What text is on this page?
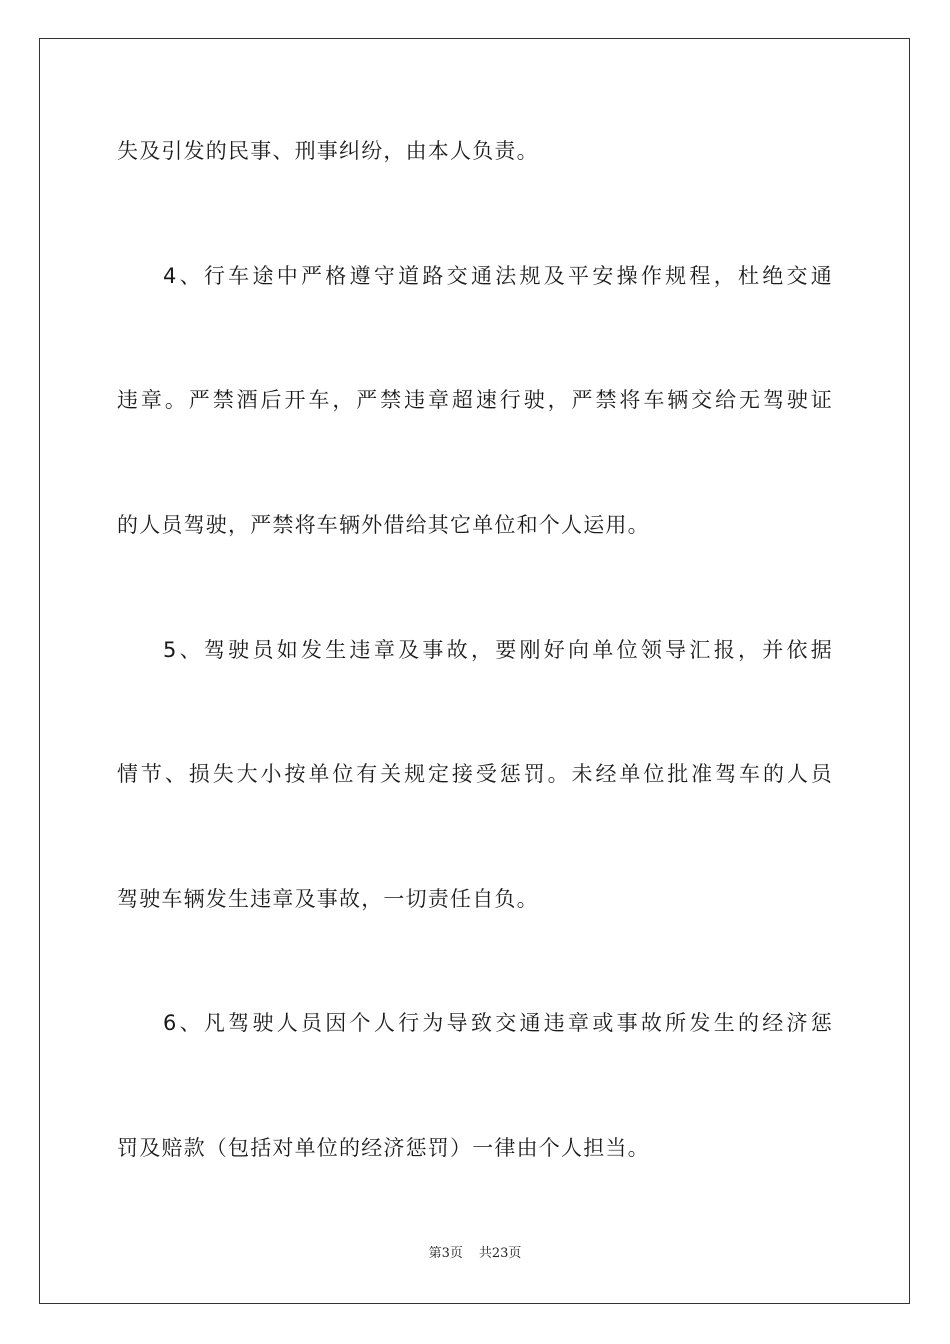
失及引发的民事、刑事纠纷，由本人负责。
4、行车途中严格遵守道路交通法规及平安操作规程，杜绝交通
违章。严禁酒后开车，严禁违章超速行驶，严禁将车辆交给无驾驶证
的人员驾驶，严禁将车辆外借给其它单位和个人运用。
5、驾驶员如发生违章及事故，要刚好向单位领导汇报，并依据
情节、损失大小按单位有关规定接受惩罚。未经单位批准驾车的人员
驾驶车辆发生违章及事故，一切责任自负。
6、凡驾驶人员因个人行为导致交通违章或事故所发生的经济惩
罚及赔款（包括对单位的经济惩罚）一律由个人担当。
第3页 共23页
